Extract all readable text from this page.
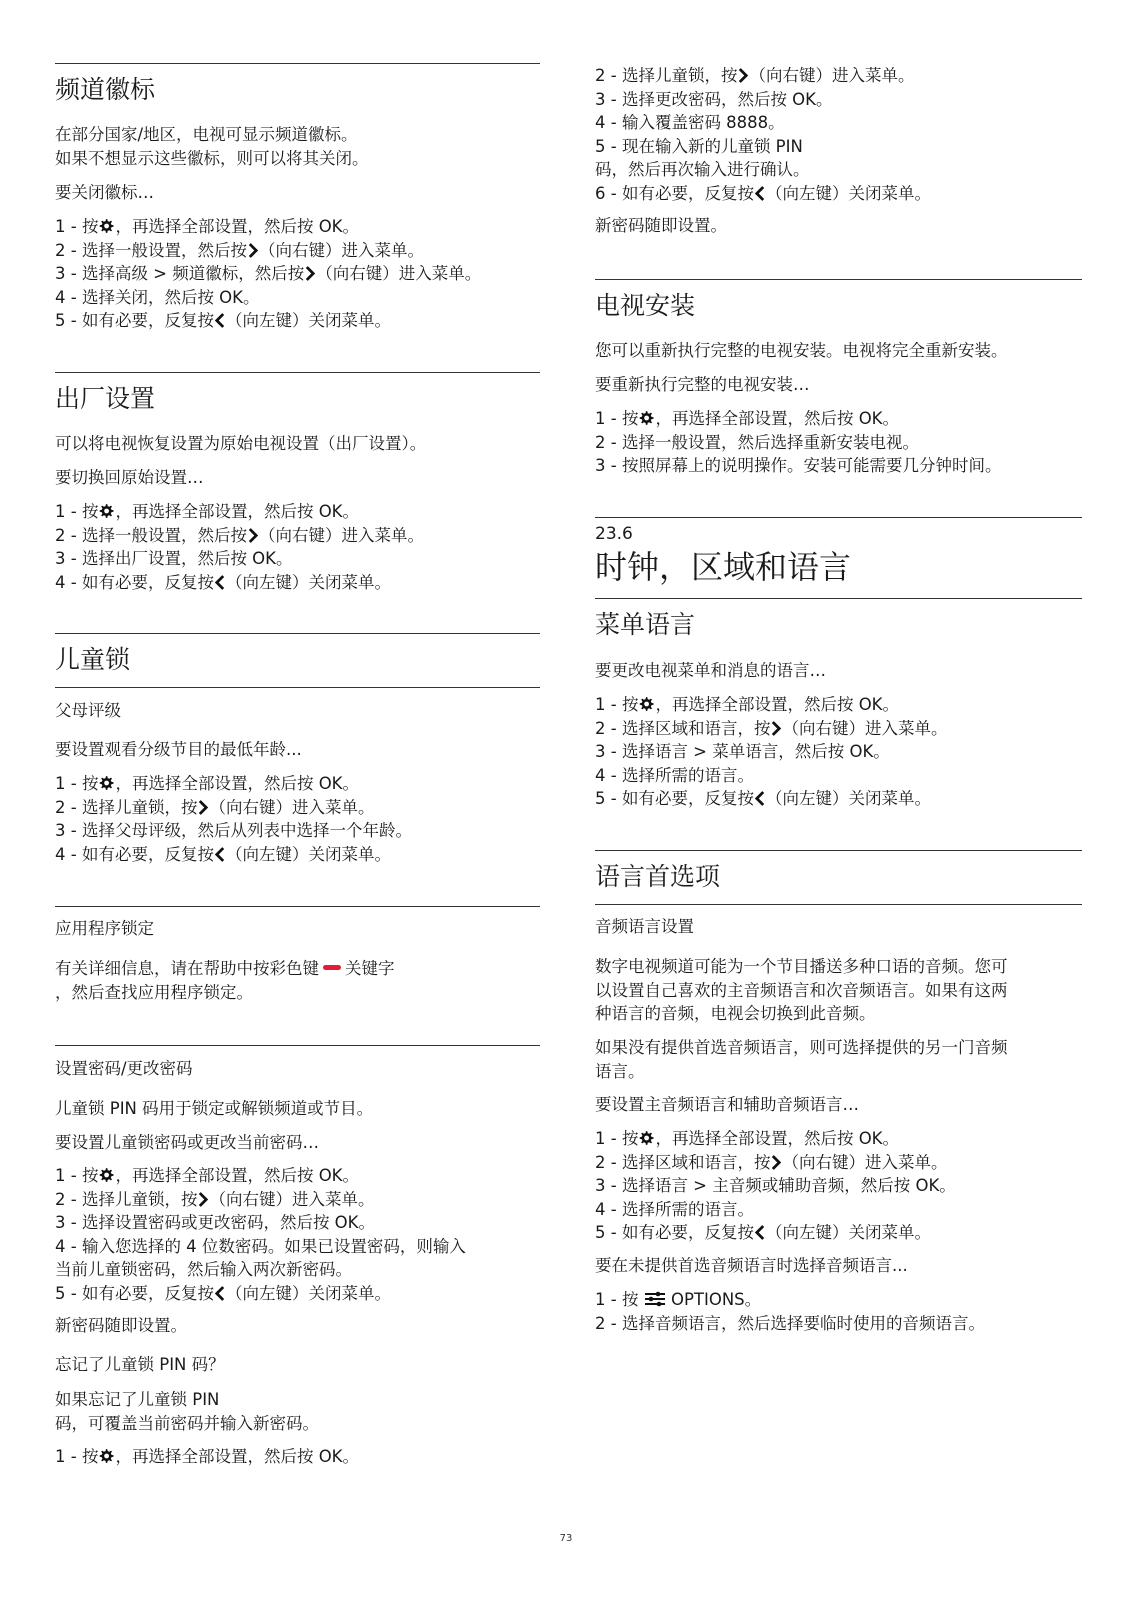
频道徽标
在部分国家/地区，电视可显示频道徽标。
如果不想显示这些徽标，则可以将其关闭。
要关闭徽标…
1 - 按 ，再选择全部设置，然后按 OK。
2 - 选择一般设置，然后按 （向右键）进入菜单。
3 - 选择高级 > 频道徽标，然后按 （向右键）进入菜单。
4 - 选择关闭，然后按 OK。
5 - 如有必要，反复按 （向左键）关闭菜单。
出厂设置
可以将电视恢复设置为原始电视设置（出厂设置）。
要切换回原始设置…
1 - 按 ，再选择全部设置，然后按 OK。
2 - 选择一般设置，然后按 （向右键）进入菜单。
3 - 选择出厂设置，然后按 OK。
4 - 如有必要，反复按 （向左键）关闭菜单。
儿童锁
父母评级
要设置观看分级节目的最低年龄...
1 - 按 ，再选择全部设置，然后按 OK。
2 - 选择儿童锁，按 （向右键）进入菜单。
3 - 选择父母评级，然后从列表中选择一个年龄。
4 - 如有必要，反复按 （向左键）关闭菜单。
应用程序锁定
有关详细信息，请在帮助中按彩色键 关键字
，然后查找应用程序锁定。
设置密码/更改密码
儿童锁 PIN 码用于锁定或解锁频道或节目。
要设置儿童锁密码或更改当前密码…
1 - 按 ，再选择全部设置，然后按 OK。
2 - 选择儿童锁，按 （向右键）进入菜单。
3 - 选择设置密码或更改密码，然后按 OK。
4 - 输入您选择的 4 位数密码。如果已设置密码，则输入
当前儿童锁密码，然后输入两次新密码。
5 - 如有必要，反复按 （向左键）关闭菜单。
新密码随即设置。
忘记了儿童锁 PIN 码？
如果忘记了儿童锁 PIN
码，可覆盖当前密码并输入新密码。
1 - 按 ，再选择全部设置，然后按 OK。
2 - 选择儿童锁，按 （向右键）进入菜单。
3 - 选择更改密码，然后按 OK。
4 - 输入覆盖密码 8888。
5 - 现在输入新的儿童锁 PIN
码，然后再次输入进行确认。
6 - 如有必要，反复按 （向左键）关闭菜单。
新密码随即设置。
电视安装
您可以重新执行完整的电视安装。电视将完全重新安装。
要重新执行完整的电视安装…
1 - 按 ，再选择全部设置，然后按 OK。
2 - 选择一般设置，然后选择重新安装电视。
3 - 按照屏幕上的说明操作。安装可能需要几分钟时间。
23.6
时钟，区域和语言
菜单语言
要更改电视菜单和消息的语言…
1 - 按 ，再选择全部设置，然后按 OK。
2 - 选择区域和语言，按 （向右键）进入菜单。
3 - 选择语言 > 菜单语言，然后按 OK。
4 - 选择所需的语言。
5 - 如有必要，反复按 （向左键）关闭菜单。
语言首选项
音频语言设置
数字电视频道可能为一个节目播送多种口语的音频。您可
以设置自己喜欢的主音频语言和次音频语言。如果有这两
种语言的音频，电视会切换到此音频。
如果没有提供首选音频语言，则可选择提供的另一门音频
语言。
要设置主音频语言和辅助音频语言…
1 - 按 ，再选择全部设置，然后按 OK。
2 - 选择区域和语言，按 （向右键）进入菜单。
3 - 选择语言 > 主音频或辅助音频，然后按 OK。
4 - 选择所需的语言。
5 - 如有必要，反复按 （向左键）关闭菜单。
要在未提供首选音频语言时选择音频语言...
1 - 按 OPTIONS。
2 - 选择音频语言，然后选择要临时使用的音频语言。
73
